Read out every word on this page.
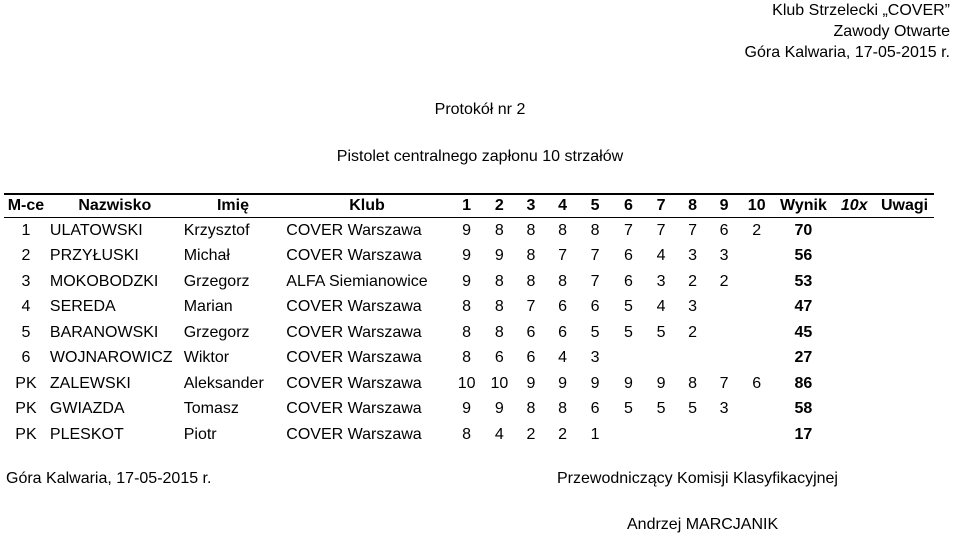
Klub Strzelecki „COVER”
Zawody Otwarte
Góra Kalwaria, 17-05-2015 r.
Protokół nr 2
Pistolet centralnego zapłonu 10 strzałów
M-ce	Nazwisko	Imię	Klub	1	2	3	4	5	6	7	8	9	10	Wynik	10x	Uwagi
1	ULATOWSKI	Krzysztof	COVER Warszawa	9	8	8	8	8	7	7	7	6	2	70		
2	PRZYŁUSKI	Michał	COVER Warszawa	9	9	8	7	7	6	4	3	3		56		
3	MOKOBODZKI	Grzegorz	ALFA Siemianowice	9	8	8	8	7	6	3	2	2		53		
4	SEREDA	Marian	COVER Warszawa	8	8	7	6	6	5	4	3			47		
5	BARANOWSKI	Grzegorz	COVER Warszawa	8	8	6	6	5	5	5	2			45		
6	WOJNAROWICZ	Wiktor	COVER Warszawa	8	6	6	4	3						27		
PK	ZALEWSKI	Aleksander	COVER Warszawa	10	10	9	9	9	9	9	8	7	6	86		
PK	GWIAZDA	Tomasz	COVER Warszawa	9	9	8	8	6	5	5	5	3		58		
PK	PLESKOT	Piotr	COVER Warszawa	8	4	2	2	1						17		
Góra Kalwaria, 17-05-2015 r.	Przewodniczący Komisji Klasyfikacyjnej
Andrzej MARCJANIK
